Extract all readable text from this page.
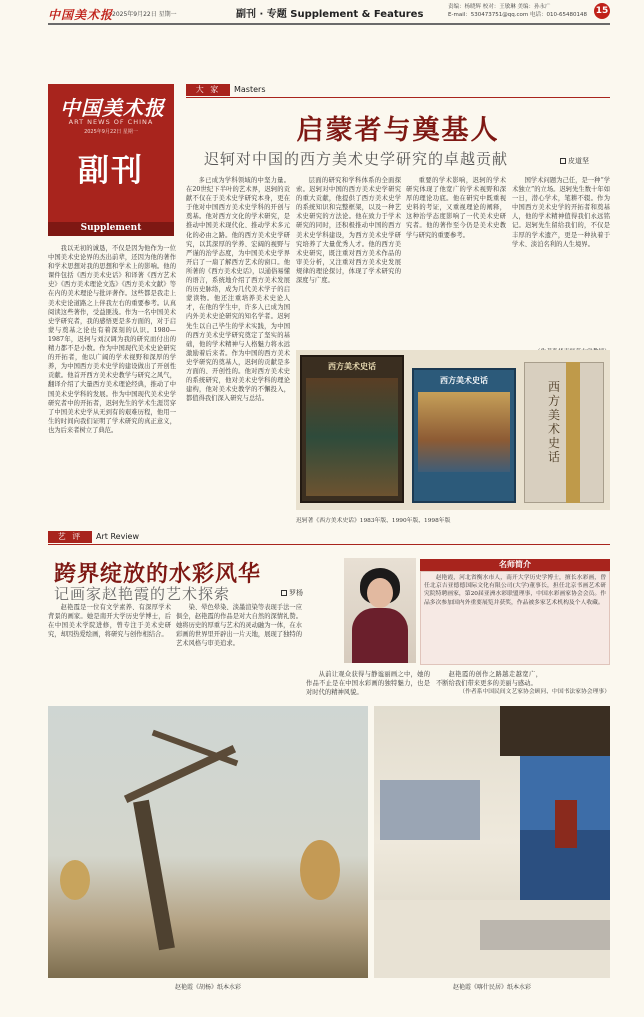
中国美术报
2025年9月22日 星期一	副刊 · 专题 Supplement & Features
责编：杨晓辉 校对：王敏琳 美编：孙永广
E-mail：530473751@qq.com 电话：010-65480148 15
中国美术报
ART NEWS OF CHINA
2025年9月22日 星期一
副刊
Supplement
我以无初的诚恳，不仅是因为他作为一位中国美术史论界的杰出前辈，还因为他的著作和学术思想对我的思想和学术上的影响。他的课件包括《西方美术史话》和译著《西方艺术史》《西方美术理论文选》《西方美术文献》等在内的美术理论与批评著作。这些都是我走上美术史论道路之上伴我左右的重要参考。认真阅读这些著作，受益匪浅。作为一名中国美术史学研究者，我的感悟更是多方面的，对于启蒙与奠基之论也有着深刻的认识。1980—1987年，迟轲与刘汉调为我的研究而付出的精力都不是小数。作为中国现代美术史论研究的开拓者，他以广阔的学术视野和深厚的学养，为中国西方美术史学的建设做出了开创性贡献。他首开西方美术史教学与研究之风气，翻译介绍了大量西方美术理论经典，推动了中国美术史学科的发展。作为中国现代美术史学研究者中的开拓者，迟轲先生的学术生涯贯穿了中国美术史学从无到有的艰难历程，他用一生的时间向我们证明了学术研究的真正意义，也为后来者树立了典范。
大 家	Masters
启蒙者与奠基人
迟轲对中国的西方美术史学研究的卓越贡献	皮道坚
多已成为学科领域的中坚力量。在20世纪下半叶的艺术界，迟轲的贡献不仅在于美术史学研究本身，更在于他对中国西方美术史学科的开创与奠基。他对西方文化的学术研究，是推动中国美术现代化、推动学术多元化的必由之路。他的西方美术史学研究，以其深厚的学养、宏阔的视野与严谨的治学态度，为中国美术史学界开启了一扇了解西方艺术的窗口。他所著的《西方美术史话》，以通俗易懂的语言，系统地介绍了西方美术发展的历史脉络，成为几代美术学子的启蒙读物。他还注重培养美术史论人才，在他的学生中，许多人已成为国内外美术史论研究的知名学者。迟轲先生以自己毕生的学术实践，为中国的西方美术史学研究奠定了坚实的基础，他的学术精神与人格魅力将永远激励着后来者。作为中国的西方美术史学研究的奠基人，迟轲的贡献是多方面的、开创性的。他对西方美术史的系统研究，他对美术史学科的理论建构，他对美术史教学的不懈投入，都值得我们深入研究与总结。
层面的研究和学科体系的全面探索。迟轲对中国的西方美术史学研究的重大贡献，他提供了西方美术史学的系统知识和完整框架，以及一种艺术史研究的方法论。他在致力于学术研究的同时，还积极推动中国的西方美术史学科建设，为西方美术史学研究培养了大量优秀人才。他的西方美术史研究，既注重对西方美术作品的审美分析，又注重对西方美术史发展规律的理论探讨，体现了学术研究的深度与广度。
重要的学术影响，迟轲的学术研究体现了他宽广的学术视野和深厚的理论功底。他在研究中既重视史料的考证，又重视理论的阐释，这种治学态度影响了一代美术史研究者。他的著作至今仍是美术史教学与研究的重要参考。
国学术问题为己任，是一种“学术独立”的立场。迟轲先生数十年如一日，潜心学术，笔耕不辍。作为中国西方美术史学的开拓者和奠基人，他的学术精神值得我们永远铭记。迟轲先生留给我们的，不仅是丰厚的学术遗产，更是一种执着于学术、淡泊名利的人生境界。
西方美术史话
西方美术史话	西方美术史话
迟轲著《西方美术史话》1983年版、1990年版、1998年版
艺 评	Art Review
跨界绽放的水彩风华
记画家赵艳霞的艺术探索	罗杨
名师简介
赵艳霞，河北省衡水市人，南开大学历史学博士，擅长水彩画，曾任北京吉亚德德国际文化有限公司(大学)董事长，担任北京书画艺术研究院特聘画家，第20届亚洲水彩联盟理事，中国水彩画家协会会员。作品多次参加国内外重要展览并获奖，作品被多家艺术机构及个人收藏。
赵艳霞是一位有文学素养、有深厚学术背景的画家。她是南开大学历史学博士，后在中国美术学院进修，曾专注于美术史研究，却因热爱绘画，将研究与创作相结合。
染、晕色晕染、淡墨渲染等表现手法一应俱全，赵艳霞的作品是对大自然的深情礼赞。她将历史的厚重与艺术的灵动融为一体，在水彩画的世界里开辟出一片天地，展现了独特的艺术风格与审美追求。
从前让观众获得与静谧丽画之中，她的作品不止是在中国水彩画的独特魅力，也是对时代的精神风貌。
赵艳霞的创作之路越走越宽广，不断给我们带来更多的美丽与感动。
（作者系中国民间文艺家协会顾问、中国书法家协会理事）
赵艳霞《胡杨》纸本水彩	赵艳霞《喀什民居》纸本水彩
